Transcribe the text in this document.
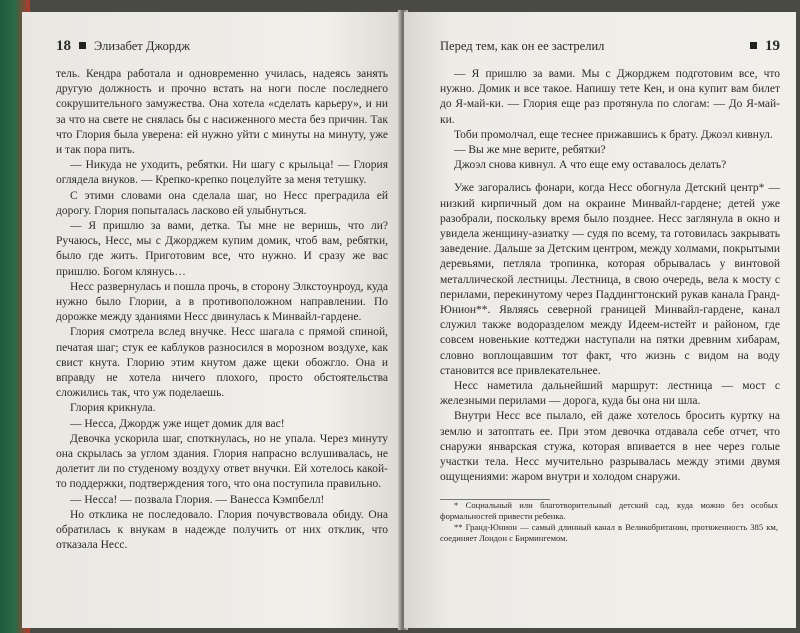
18 Элизабет Джордж

тель. Кендра работала и одновременно училась, надеясь занять другую должность и прочно встать на ноги после последнего сокрушительного замужества. Она хотела «сделать карьеру», и ни за что на свете не снялась бы с насиженного места без причин. Так что Глория была уверена: ей нужно уйти с минуты на минуту, уже и так пора пить.

— Никуда не уходить, ребятки. Ни шагу с крыльца! — Глория оглядела внуков. — Крепко-крепко поцелуйте за меня тетушку.

С этими словами она сделала шаг, но Несс преградила ей дорогу. Глория попыталась ласково ей улыбнуться.

— Я пришлю за вами, детка. Ты мне не веришь, что ли? Ручаюсь, Несс, мы с Джорджем купим домик, чтоб вам, ребятки, было где жить. Приготовим все, что нужно. И сразу же вас пришлю. Богом клянусь…

Несс развернулась и пошла прочь, в сторону Элкстоунроуд, куда нужно было Глории, а в противоположном направлении. По дорожке между зданиями Несс двинулась к Минвайл-гардене.

Глория смотрела вслед внучке. Несс шагала с прямой спиной, печатая шаг; стук ее каблуков разносился в морозном воздухе, как свист кнута. Глорию этим кнутом даже щеки обожгло. Она и вправду не хотела ничего плохого, просто обстоятельства сложились так, что уж поделаешь.

Глория крикнула.

— Несса, Джордж уже ищет домик для вас!

Девочка ускорила шаг, споткнулась, но не упала. Через минуту она скрылась за углом здания. Глория напрасно вслушивалась, не долетит ли по студеному воздуху ответ внучки. Ей хотелось какой-то поддержки, подтверждения того, что она поступила правильно.

— Несса! — позвала Глория. — Ванесса Кэмпбелл!

Но отклика не последовало. Глория почувствовала обиду. Она обратилась к внукам в надежде получить от них отклик, что отказала Несс.

Перед тем, как он ее застрелил	19

— Я пришлю за вами. Мы с Джорджем подготовим все, что нужно. Домик и все такое. Напишу тете Кен, и она купит вам билет до Я-май-ки. — Глория еще раз протянула по слогам: — До Я-май-ки.

Тоби промолчал, еще теснее прижавшись к брату. Джоэл кивнул.

— Вы же мне верите, ребятки?

Джоэл снова кивнул. А что еще ему оставалось делать?

Уже загорались фонари, когда Несс обогнула Детский центр* — низкий кирпичный дом на окраине Минвайл-гардене; детей уже разобрали, поскольку время было позднее. Несс заглянула в окно и увидела женщину-азиатку — судя по всему, та готовилась закрывать заведение. Дальше за Детским центром, между холмами, покрытыми деревьями, петляла тропинка, которая обрывалась у винтовой металлической лестницы. Лестница, в свою очередь, вела к мосту с перилами, перекинутому через Паддингтонский рукав канала Гранд-Юнион**. Являясь северной границей Минвайл-гардене, канал служил также водоразделом между Идеем-истейт и районом, где совсем новенькие коттеджи наступали на пятки древним хибарам, словно воплощавшим тот факт, что жизнь с видом на воду становится все привлекательнее.

Несс наметила дальнейший маршрут: лестница — мост с железными перилами — дорога, куда бы она ни шла.

Внутри Несс все пылало, ей даже хотелось бросить куртку на землю и затоптать ее. При этом девочка отдавала себе отчет, что снаружи январская стужа, которая впивается в нее через голые участки тела. Несс мучительно разрывалась между этими двумя ощущениями: жаром внутри и холодом снаружи.

* Социальный или благотворительный детский сад, куда можно без особых формальностей привести ребенка.

** Гранд-Юнион — самый длинный канал в Великобритании, протяженность 385 км, соединяет Лондон с Бирмингемом.
